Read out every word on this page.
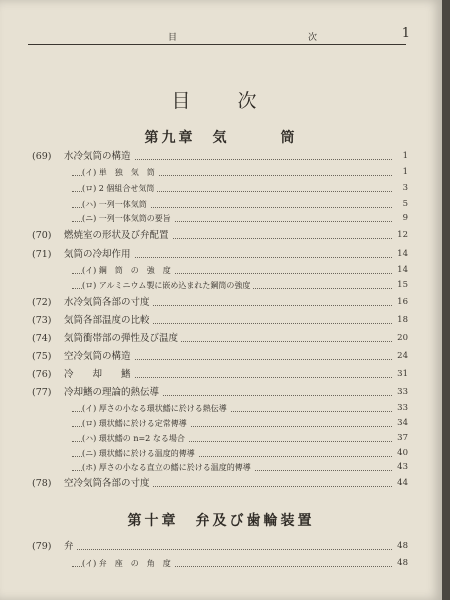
目　　　次	1
目　次
第九章　気　　　筒
(69) 水冷気筒の構造	1
(イ) 単　独　気　筒	1
(ロ) 2 個組合せ気筒	3
(ハ) 一列一体気筒	5
(ニ) 一列一体気筒の要旨	9
(70) 燃焼室の形状及び弁配置	12
(71) 気筒の冷却作用	14
(イ) 鋼　筒　の　強　度	14
(ロ) アルミニウム製に嵌め込まれた鋼筒の強度	15
(72) 水冷気筒各部の寸度	16
(73) 気筒各部温度の比較	18
(74) 気筒衝帯部の弾性及び温度	20
(75) 空冷気筒の構造	24
(76) 冷　　却　　鰭	31
(77) 冷却鰭の理論的熱伝導	33
(イ) 厚さの小なる環状鰭に於ける熱伝導	33
(ロ) 環状鰭に於ける定常傳導	34
(ハ) 環状鰭の n=2 なる場合	37
(ニ) 環状鰭に於ける温度的傳導	40
(ホ) 厚さの小なる直立の鰭に於ける温度的傳導	43
(78) 空冷気筒各部の寸度	44
第十章　弁及び歯輪装置
(79) 弁	48
(イ) 弁　座　の　角　度	48
